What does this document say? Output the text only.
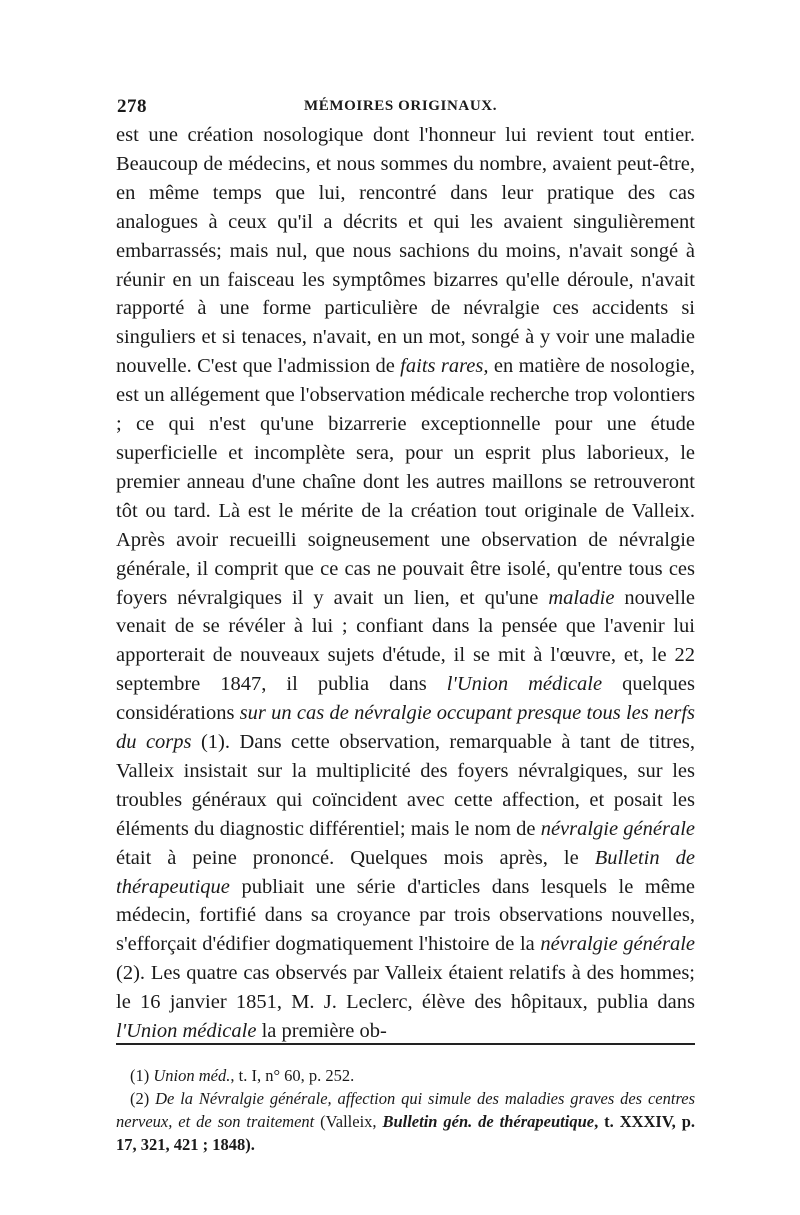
278	MÉMOIRES ORIGINAUX.

est une création nosologique dont l'honneur lui revient tout entier. Beaucoup de médecins, et nous sommes du nombre, avaient peut-être, en même temps que lui, rencontré dans leur pratique des cas analogues à ceux qu'il a décrits et qui les avaient singulièrement embarrassés; mais nul, que nous sachions du moins, n'avait songé à réunir en un faisceau les symptômes bizarres qu'elle déroule, n'avait rapporté à une forme particulière de névralgie ces accidents si singuliers et si tenaces, n'avait, en un mot, songé à y voir une maladie nouvelle. C'est que l'admission de faits rares, en matière de nosologie, est un allégement que l'observation médicale recherche trop volontiers ; ce qui n'est qu'une bizarrerie exceptionnelle pour une étude superficielle et incomplète sera, pour un esprit plus laborieux, le premier anneau d'une chaîne dont les autres maillons se retrouveront tôt ou tard. Là est le mérite de la création tout originale de Valleix. Après avoir recueilli soigneusement une observation de névralgie générale, il comprit que ce cas ne pouvait être isolé, qu'entre tous ces foyers névralgiques il y avait un lien, et qu'une maladie nouvelle venait de se révéler à lui ; confiant dans la pensée que l'avenir lui apporterait de nouveaux sujets d'étude, il se mit à l'œuvre, et, le 22 septembre 1847, il publia dans l'Union médicale quelques considérations sur un cas de névralgie occupant presque tous les nerfs du corps (1). Dans cette observation, remarquable à tant de titres, Valleix insistait sur la multiplicité des foyers névralgiques, sur les troubles généraux qui coïncident avec cette affection, et posait les éléments du diagnostic différentiel; mais le nom de névralgie générale était à peine prononcé. Quelques mois après, le Bulletin de thérapeutique publiait une série d'articles dans lesquels le même médecin, fortifié dans sa croyance par trois observations nouvelles, s'efforçait d'édifier dogmatiquement l'histoire de la névralgie générale (2). Les quatre cas observés par Valleix étaient relatifs à des hommes; le 16 janvier 1851, M. J. Leclerc, élève des hôpitaux, publia dans l'Union médicale la première ob-

(1) Union méd., t. I, n° 60, p. 252.

(2) De la Névralgie générale, affection qui simule des maladies graves des centres nerveux, et de son traitement (Valleix, Bulletin gén. de thérapeutique, t. XXXIV, p. 17, 321, 421 ; 1848).
